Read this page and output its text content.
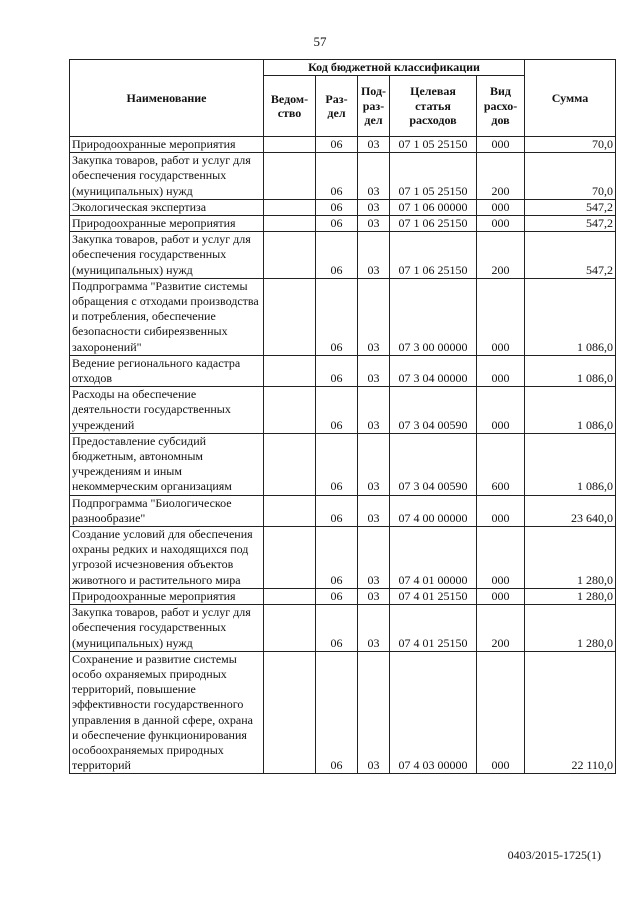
57
Наименование	Код бюджетной классификации					Сумма
	Ведом-ство	Раз-дел	Под-раз-дел	Целевая статья расходов	Вид расхо-дов	
Природоохранные мероприятия		06	03	07 1 05 25150	000	70,0
Закупка товаров, работ и услуг для обеспечения государственных (муниципальных) нужд		06	03	07 1 05 25150	200	70,0
Экологическая экспертиза		06	03	07 1 06 00000	000	547,2
Природоохранные мероприятия		06	03	07 1 06 25150	000	547,2
Закупка товаров, работ и услуг для обеспечения государственных (муниципальных) нужд		06	03	07 1 06 25150	200	547,2
Подпрограмма "Развитие системы обращения с отходами производства и потребления, обеспечение безопасности сибиреязвенных захоронений"		06	03	07 3 00 00000	000	1 086,0
Ведение регионального кадастра отходов		06	03	07 3 04 00000	000	1 086,0
Расходы на обеспечение деятельности государственных учреждений		06	03	07 3 04 00590	000	1 086,0
Предоставление субсидий бюджетным, автономным учреждениям и иным некоммерческим организациям		06	03	07 3 04 00590	600	1 086,0
Подпрограмма "Биологическое разнообразие"		06	03	07 4 00 00000	000	23 640,0
Создание условий для обеспечения охраны редких и находящихся под угрозой исчезновения объектов животного и растительного мира		06	03	07 4 01 00000	000	1 280,0
Природоохранные мероприятия		06	03	07 4 01 25150	000	1 280,0
Закупка товаров, работ и услуг для обеспечения государственных (муниципальных) нужд		06	03	07 4 01 25150	200	1 280,0
Сохранение и развитие системы особо охраняемых природных территорий, повышение эффективности государственного управления в данной сфере, охрана и обеспечение функционирования особоохраняемых природных территорий		06	03	07 4 03 00000	000	22 110,0
0403/2015-1725(1)
